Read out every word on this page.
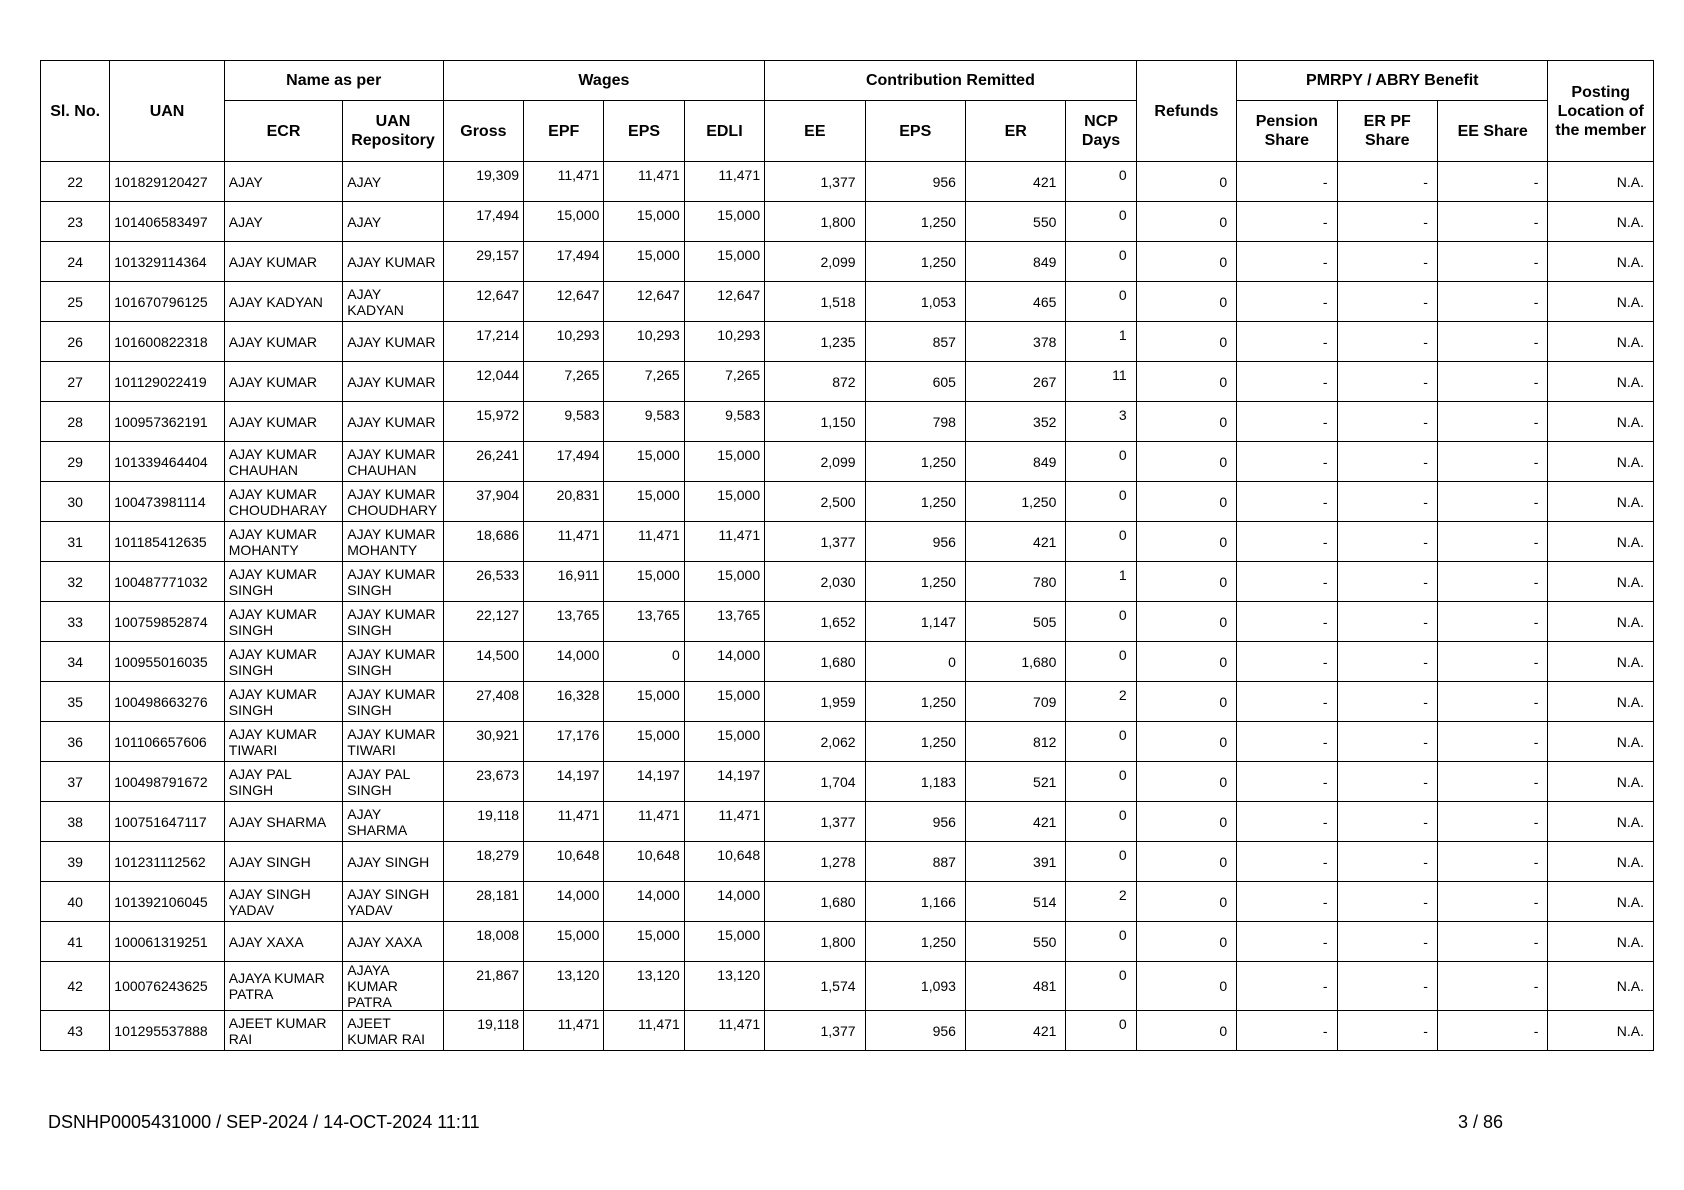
Sl. No.	UAN	Name as per		Wages				Contribution Remitted				Refunds	PMRPY / ABRY Benefit			Posting Location of the member
		ECR	UAN Repository	Gross	EPF	EPS	EDLI	EE	EPS	ER	NCP Days		Pension Share	ER PF Share	EE Share	
22	101829120427	AJAY	AJAY	19,309	11,471	11,471	11,471	1,377	956	421	0	0	-	-	-	N.A.
23	101406583497	AJAY	AJAY	17,494	15,000	15,000	15,000	1,800	1,250	550	0	0	-	-	-	N.A.
24	101329114364	AJAY KUMAR	AJAY KUMAR	29,157	17,494	15,000	15,000	2,099	1,250	849	0	0	-	-	-	N.A.
25	101670796125	AJAY KADYAN	AJAY KADYAN	12,647	12,647	12,647	12,647	1,518	1,053	465	0	0	-	-	-	N.A.
26	101600822318	AJAY KUMAR	AJAY KUMAR	17,214	10,293	10,293	10,293	1,235	857	378	1	0	-	-	-	N.A.
27	101129022419	AJAY KUMAR	AJAY KUMAR	12,044	7,265	7,265	7,265	872	605	267	11	0	-	-	-	N.A.
28	100957362191	AJAY KUMAR	AJAY KUMAR	15,972	9,583	9,583	9,583	1,150	798	352	3	0	-	-	-	N.A.
29	101339464404	AJAY KUMAR CHAUHAN	AJAY KUMAR CHAUHAN	26,241	17,494	15,000	15,000	2,099	1,250	849	0	0	-	-	-	N.A.
30	100473981114	AJAY KUMAR CHOUDHARAY	AJAY KUMAR CHOUDHARY	37,904	20,831	15,000	15,000	2,500	1,250	1,250	0	0	-	-	-	N.A.
31	101185412635	AJAY KUMAR MOHANTY	AJAY KUMAR MOHANTY	18,686	11,471	11,471	11,471	1,377	956	421	0	0	-	-	-	N.A.
32	100487771032	AJAY KUMAR SINGH	AJAY KUMAR SINGH	26,533	16,911	15,000	15,000	2,030	1,250	780	1	0	-	-	-	N.A.
33	100759852874	AJAY KUMAR SINGH	AJAY KUMAR SINGH	22,127	13,765	13,765	13,765	1,652	1,147	505	0	0	-	-	-	N.A.
34	100955016035	AJAY KUMAR SINGH	AJAY KUMAR SINGH	14,500	14,000	0	14,000	1,680	0	1,680	0	0	-	-	-	N.A.
35	100498663276	AJAY KUMAR SINGH	AJAY KUMAR SINGH	27,408	16,328	15,000	15,000	1,959	1,250	709	2	0	-	-	-	N.A.
36	101106657606	AJAY KUMAR TIWARI	AJAY KUMAR TIWARI	30,921	17,176	15,000	15,000	2,062	1,250	812	0	0	-	-	-	N.A.
37	100498791672	AJAY PAL SINGH	AJAY PAL SINGH	23,673	14,197	14,197	14,197	1,704	1,183	521	0	0	-	-	-	N.A.
38	100751647117	AJAY SHARMA	AJAY SHARMA	19,118	11,471	11,471	11,471	1,377	956	421	0	0	-	-	-	N.A.
39	101231112562	AJAY SINGH	AJAY SINGH	18,279	10,648	10,648	10,648	1,278	887	391	0	0	-	-	-	N.A.
40	101392106045	AJAY SINGH YADAV	AJAY SINGH YADAV	28,181	14,000	14,000	14,000	1,680	1,166	514	2	0	-	-	-	N.A.
41	100061319251	AJAY XAXA	AJAY XAXA	18,008	15,000	15,000	15,000	1,800	1,250	550	0	0	-	-	-	N.A.
42	100076243625	AJAYA KUMAR PATRA	AJAYA KUMAR PATRA	21,867	13,120	13,120	13,120	1,574	1,093	481	0	0	-	-	-	N.A.
43	101295537888	AJEET KUMAR RAI	AJEET KUMAR RAI	19,118	11,471	11,471	11,471	1,377	956	421	0	0	-	-	-	N.A.
DSNHP0005431000 / SEP-2024 / 14-OCT-2024 11:11	3 / 86
